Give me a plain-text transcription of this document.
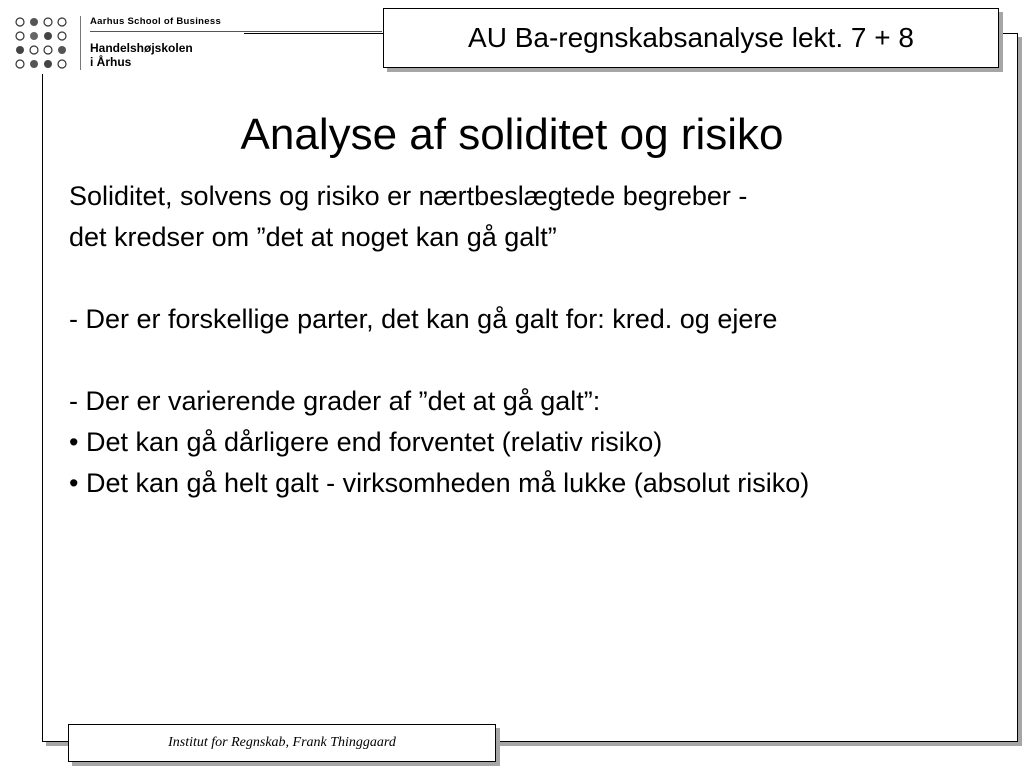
Aarhus School of Business
Handelshøjskolen
i Århus
AU Ba-regnskabsanalyse lekt. 7 + 8
Analyse af soliditet og risiko
Soliditet, solvens og risiko er nærtbeslægtede begreber -
det kredser om ”det at noget kan gå galt”
- Der er forskellige parter, det kan gå galt for: kred. og ejere
- Der er varierende grader af ”det at gå galt”:
• Det kan gå dårligere end forventet (relativ risiko)
• Det kan gå helt galt - virksomheden må lukke (absolut risiko)
Institut for Regnskab, Frank Thinggaard
